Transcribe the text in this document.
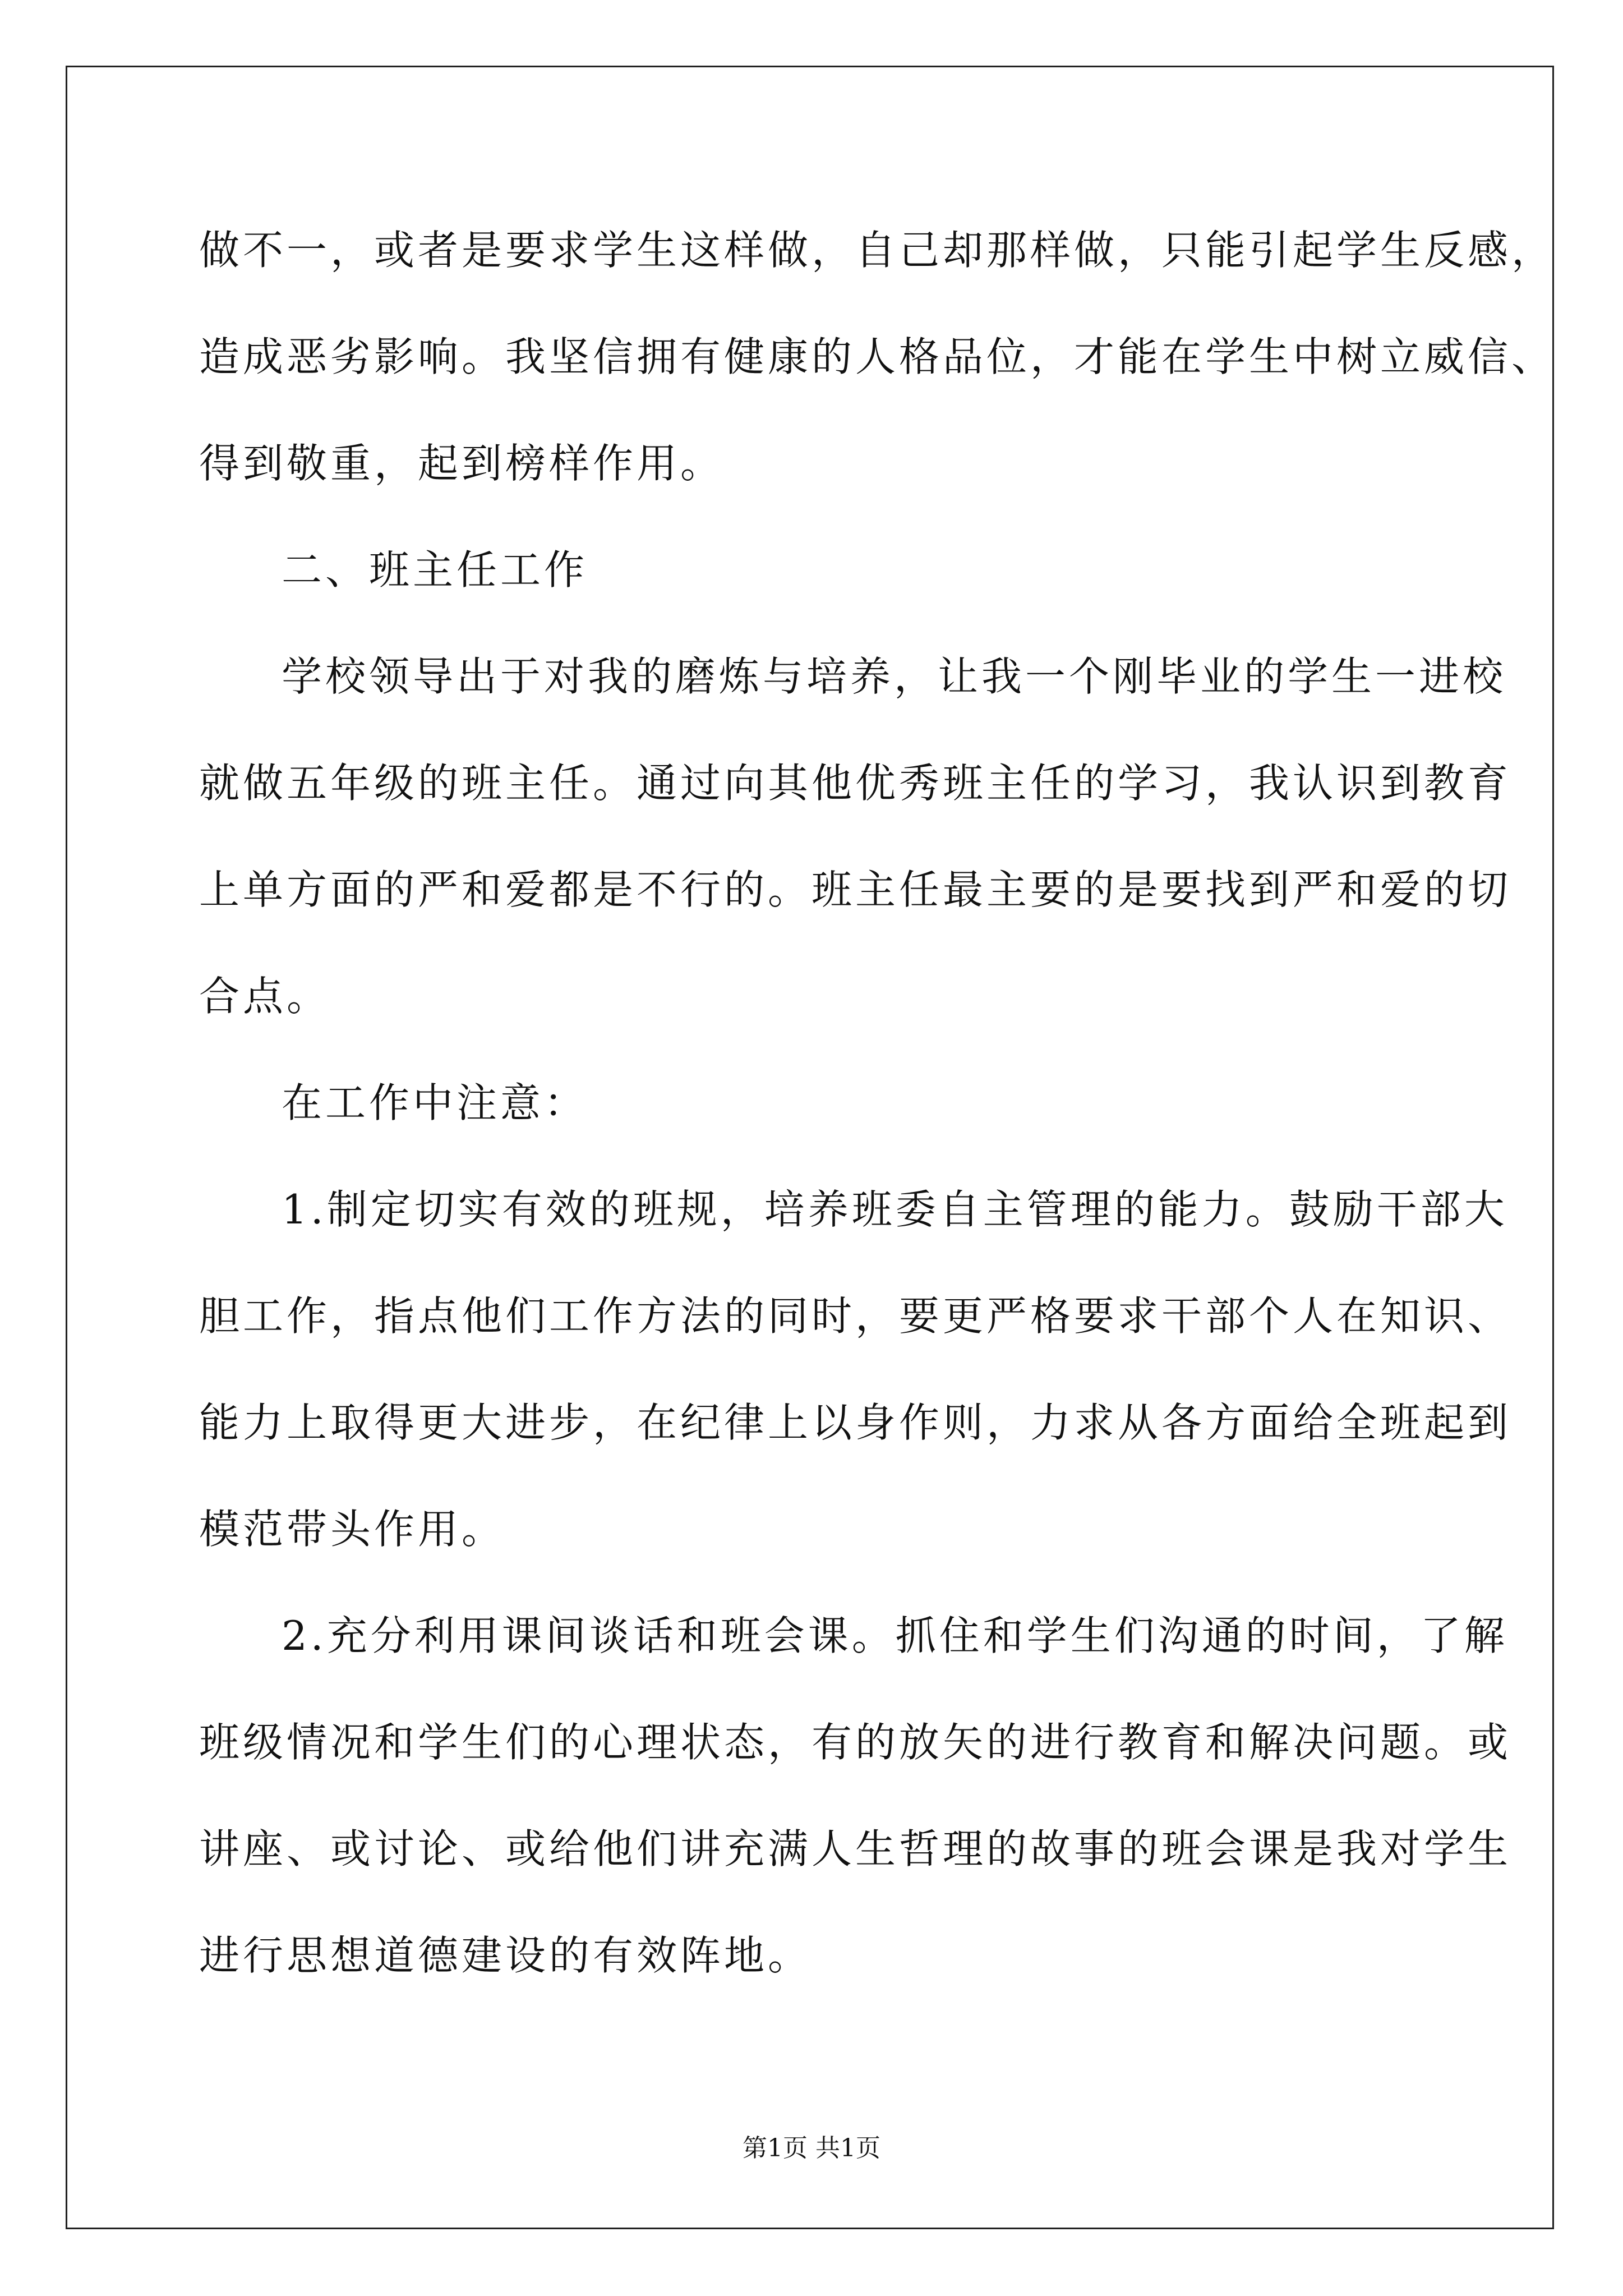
做不一，或者是要求学生这样做，自己却那样做，只能引起学生反感，
造成恶劣影响。我坚信拥有健康的人格品位，才能在学生中树立威信、
得到敬重，起到榜样作用。
二、班主任工作
学校领导出于对我的磨炼与培养，让我一个刚毕业的学生一进校
就做五年级的班主任。通过向其他优秀班主任的学习，我认识到教育
上单方面的严和爱都是不行的。班主任最主要的是要找到严和爱的切
合点。
在工作中注意：
1.制定切实有效的班规，培养班委自主管理的能力。鼓励干部大
胆工作，指点他们工作方法的同时，要更严格要求干部个人在知识、
能力上取得更大进步，在纪律上以身作则，力求从各方面给全班起到
模范带头作用。
2.充分利用课间谈话和班会课。抓住和学生们沟通的时间，了解
班级情况和学生们的心理状态，有的放矢的进行教育和解决问题。或
讲座、或讨论、或给他们讲充满人生哲理的故事的班会课是我对学生
进行思想道德建设的有效阵地。
第1页 共1页
